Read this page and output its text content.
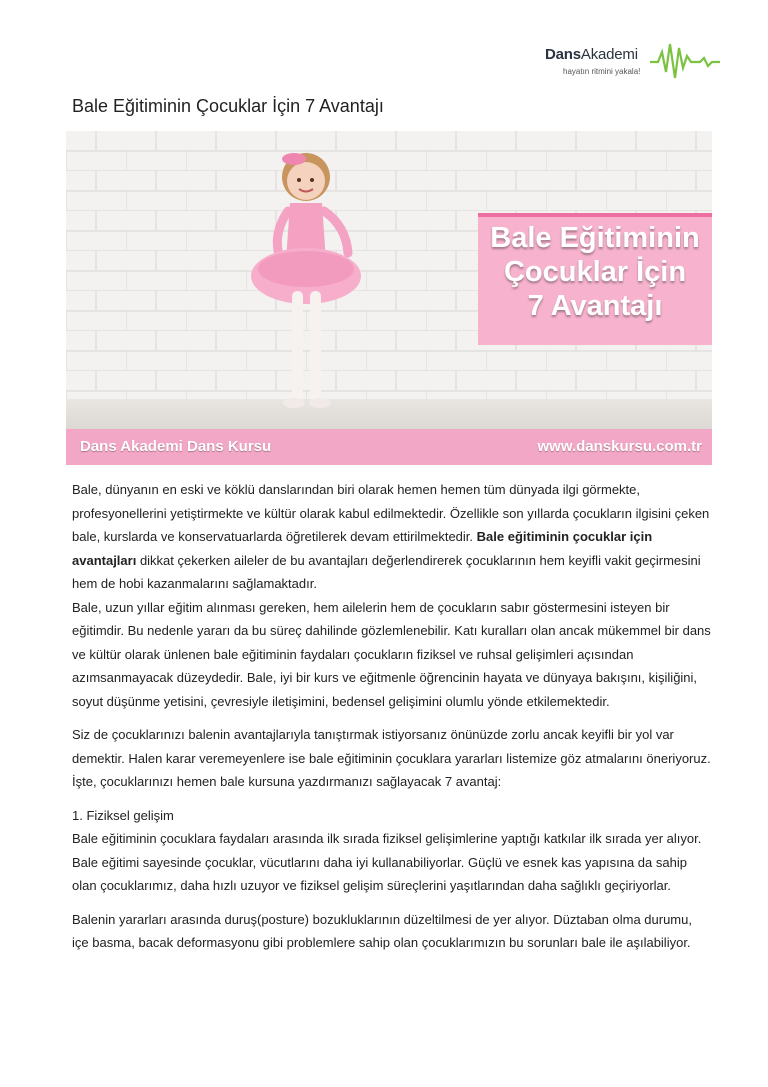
DansAkademi
hayatın ritmini yakala!
Bale Eğitiminin Çocuklar İçin 7 Avantajı
Bale Eğitiminin
Çocuklar İçin
7 Avantajı
Dans Akademi Dans Kursu	www.danskursu.com.tr

Bale, dünyanın en eski ve köklü danslarından biri olarak hemen hemen tüm dünyada ilgi görmekte, profesyonellerini yetiştirmekte ve kültür olarak kabul edilmektedir. Özellikle son yıllarda çocukların ilgisini çeken bale, kurslarda ve konservatuarlarda öğretilerek devam ettirilmektedir. Bale eğitiminin çocuklar için avantajları dikkat çekerken aileler de bu avantajları değerlendirerek çocuklarının hem keyifli vakit geçirmesini hem de hobi kazanmalarını sağlamaktadır.

Bale, uzun yıllar eğitim alınması gereken, hem ailelerin hem de çocukların sabır göstermesini isteyen bir eğitimdir. Bu nedenle yararı da bu süreç dahilinde gözlemlenebilir. Katı kuralları olan ancak mükemmel bir dans ve kültür olarak ünlenen bale eğitiminin faydaları çocukların fiziksel ve ruhsal gelişimleri açısından azımsanmayacak düzeydedir. Bale, iyi bir kurs ve eğitmenle öğrencinin hayata ve dünyaya bakışını, kişiliğini, soyut düşünme yetisini, çevresiyle iletişimini, bedensel gelişimini olumlu yönde etkilemektedir.

Siz de çocuklarınızı balenin avantajlarıyla tanıştırmak istiyorsanız önünüzde zorlu ancak keyifli bir yol var demektir. Halen karar veremeyenlere ise bale eğitiminin çocuklara yararları listemize göz atmalarını öneriyoruz. İşte, çocuklarınızı hemen bale kursuna yazdırmanızı sağlayacak 7 avantaj:

1. Fiziksel gelişim

Bale eğitiminin çocuklara faydaları arasında ilk sırada fiziksel gelişimlerine yaptığı katkılar ilk sırada yer alıyor. Bale eğitimi sayesinde çocuklar, vücutlarını daha iyi kullanabiliyorlar. Güçlü ve esnek kas yapısına da sahip olan çocuklarımız, daha hızlı uzuyor ve fiziksel gelişim süreçlerini yaşıtlarından daha sağlıklı geçiriyorlar.

Balenin yararları arasında duruş(posture) bozukluklarının düzeltilmesi de yer alıyor. Düztaban olma durumu, içe basma, bacak deformasyonu gibi problemlere sahip olan çocuklarımızın bu sorunları bale ile aşılabiliyor.
